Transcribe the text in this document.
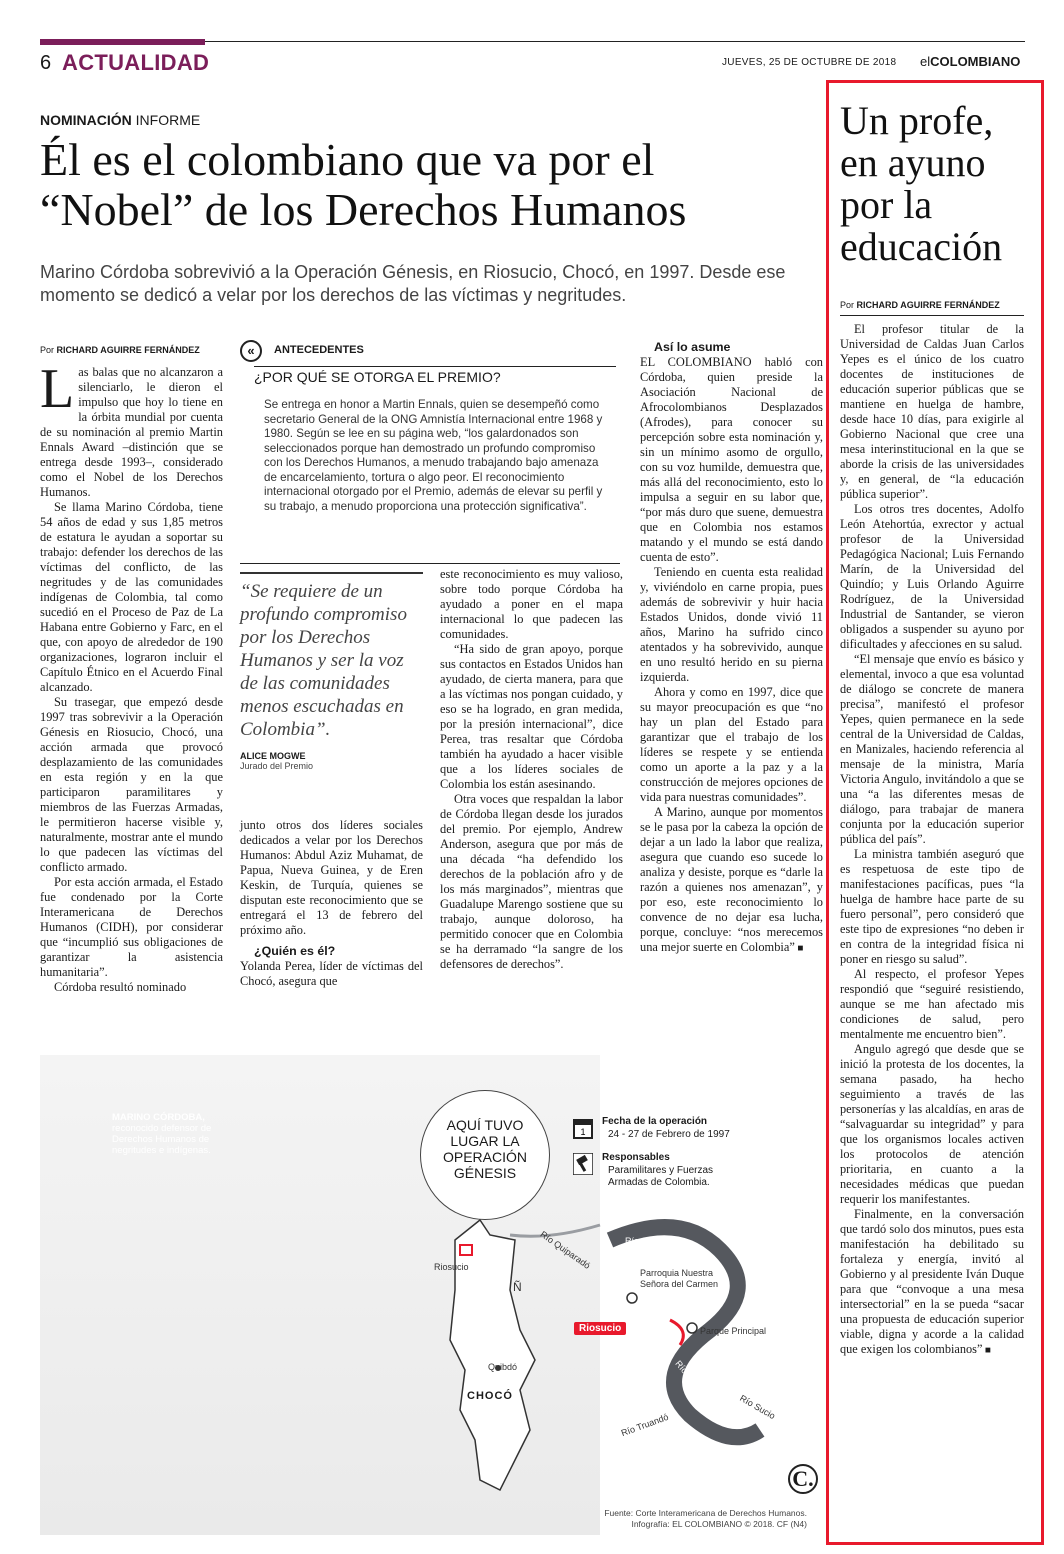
6 ACTUALIDAD	JUEVES, 25 DE OCTUBRE DE 2018 elCOLOMBIANO
NOMINACIÓN INFORME
Él es el colombiano que va por el
“Nobel” de los Derechos Humanos
Marino Córdoba sobrevivió a la Operación Génesis, en Riosucio, Chocó, en 1997. Desde ese momento se dedicó a velar por los derechos de las víctimas y negritudes.
Por RICHARD AGUIRRE FERNÁNDEZ

Las balas que no alcanzaron a silenciarlo, le dieron el impulso que hoy lo tiene en la órbita mundial por cuenta de su nominación al premio Martin Ennals Award –distinción que se entrega desde 1993–, considerado como el Nobel de los Derechos Humanos.

Se llama Marino Córdoba, tiene 54 años de edad y sus 1,85 metros de estatura le ayudan a soportar su trabajo: defender los derechos de las víctimas del conflicto, de las negritudes y de las comunidades indígenas de Colombia, tal como sucedió en el Proceso de Paz de La Habana entre Gobierno y Farc, en el que, con apoyo de alrededor de 190 organizaciones, lograron incluir el Capítulo Étnico en el Acuerdo Final alcanzado.

Su trasegar, que empezó desde 1997 tras sobrevivir a la Operación Génesis en Riosucio, Chocó, una acción armada que provocó desplazamiento de las comunidades en esta región y en la que participaron paramilitares y miembros de las Fuerzas Armadas, le permitieron hacerse visible y, naturalmente, mostrar ante el mundo lo que padecen las víctimas del conflicto armado.

Por esta acción armada, el Estado fue condenado por la Corte Interamericana de Derechos Humanos (CIDH), por considerar que “incumplió sus obligaciones de garantizar la asistencia humanitaria”.

Córdoba resultó nominado

«	ANTECEDENTES
¿POR QUÉ SE OTORGA EL PREMIO?
Se entrega en honor a Martin Ennals, quien se desempeñó como secretario General de la ONG Amnistía Internacional entre 1968 y 1980. Según se lee en su página web, “los galardonados son seleccionados porque han demostrado un profundo compromiso con los Derechos Humanos, a menudo trabajando bajo amenaza de encarcelamiento, tortura o algo peor. El reconocimiento internacional otorgado por el Premio, además de elevar su perfil y su trabajo, a menudo proporciona una protección significativa”.
“Se requiere de un profundo compromiso por los Derechos Humanos y ser la voz de las comunidades menos escuchadas en Colombia”.
ALICE MOGWE
Jurado del Premio

junto otros dos líderes sociales dedicados a velar por los Derechos Humanos: Abdul Aziz Muhamat, de Papua, Nueva Guinea, y de Eren Keskin, de Turquía, quienes se disputan este reconocimiento que se entregará el 13 de febrero del próximo año.

¿Quién es él?

Yolanda Perea, líder de víctimas del Chocó, asegura que

este reconocimiento es muy valioso, sobre todo porque Córdoba ha ayudado a poner en el mapa internacional lo que padecen las comunidades.

“Ha sido de gran apoyo, porque sus contactos en Estados Unidos han ayudado, de cierta manera, para que a las víctimas nos pongan cuidado, y eso se ha logrado, en gran medida, por la presión internacional”, dice Perea, tras resaltar que Córdoba también ha ayudado a hacer visible que a los líderes sociales de Colombia los están asesinando.

Otra voces que respaldan la labor de Córdoba llegan desde los jurados del premio. Por ejemplo, Andrew Anderson, asegura que por más de una década “ha defendido los derechos de la población afro y de los más marginados”, mientras que Guadalupe Marengo sostiene que su trabajo, aunque doloroso, ha permitido conocer que en Colombia se ha derramado “la sangre de los defensores de derechos”.

Así lo asume

EL COLOMBIANO habló con Córdoba, quien preside la Asociación Nacional de Afrocolombianos Desplazados (Afrodes), para conocer su percepción sobre esta nominación y, sin un mínimo asomo de orgullo, con su voz humilde, demuestra que, más allá del reconocimiento, esto lo impulsa a seguir en su labor que, “por más duro que suene, demuestra que en Colombia nos estamos matando y el mundo se está dando cuenta de esto”.

Teniendo en cuenta esta realidad y, viviéndolo en carne propia, pues además de sobrevivir y huir hacia Estados Unidos, donde vivió 11 años, Marino ha sufrido cinco atentados y ha sobrevivido, aunque en uno resultó herido en su pierna izquierda.

Ahora y como en 1997, dice que su mayor preocupación es que “no hay un plan del Estado para garantizar que el trabajo de los líderes se respete y se entienda como un aporte a la paz y a la construcción de mejores opciones de vida para nuestras comunidades”.

A Marino, aunque por momentos se le pasa por la cabeza la opción de dejar a un lado la labor que realiza, asegura que cuando eso sucede lo analiza y desiste, porque es “darle la razón a quienes nos amenazan”, y por eso, este reconocimiento lo convence de no dejar esa lucha, porque, concluye: “nos merecemos una mejor suerte en Colombia” ■

Un profe, en ayuno por la educación
Por RICHARD AGUIRRE FERNÁNDEZ

El profesor titular de la Universidad de Caldas Juan Carlos Yepes es el único de los cuatro docentes de instituciones de educación superior públicas que se mantiene en huelga de hambre, desde hace 10 días, para exigirle al Gobierno Nacional que cree una mesa interinstitucional en la que se aborde la crisis de las universidades y, en general, de “la educación pública superior”.

Los otros tres docentes, Adolfo León Atehortúa, exrector y actual profesor de la Universidad Pedagógica Nacional; Luis Fernando Marín, de la Universidad del Quindío; y Luis Orlando Aguirre Rodríguez, de la Universidad Industrial de Santander, se vieron obligados a suspender su ayuno por dificultades y afecciones en su salud.

“El mensaje que envío es básico y elemental, invoco a que esa voluntad de diálogo se concrete de manera precisa”, manifestó el profesor Yepes, quien permanece en la sede central de la Universidad de Caldas, en Manizales, haciendo referencia al mensaje de la ministra, María Victoria Angulo, invitándolo a que se una “a las diferentes mesas de diálogo, para trabajar de manera conjunta por la educación superior pública del país”.

La ministra también aseguró que es respetuosa de este tipo de manifestaciones pacíficas, pues “la huelga de hambre hace parte de su fuero personal”, pero consideró que este tipo de expresiones “no deben ir en contra de la integridad física ni poner en riesgo su salud”.

Al respecto, el profesor Yepes respondió que “seguiré resistiendo, aunque se me han afectado mis condiciones de salud, pero mentalmente me encuentro bien”.

Angulo agregó que desde que se inició la protesta de los docentes, la semana pasado, ha hecho seguimiento a través de las personerías y las alcaldías, en aras de “salvaguardar su integridad” y para que los organismos locales activen los protocolos de atención prioritaria, en cuanto a la necesidades médicas que puedan requerir los manifestantes.

Finalmente, en la conversación que tardó solo dos minutos, pues esta manifestación ha debilitado su fortaleza y energía, invitó al Gobierno y al presidente Iván Duque para que “convoque a una mesa intersectorial” en la se pueda “sacar una propuesta de educación superior viable, digna y acorde a la calidad que exigen los colombianos” ■

MARINO CÓRDOBA, reconocido defensor de Derechos Humanos de negritudes e indígenas.
AQUÍ TUVO LUGAR LA OPERACIÓN GÉNESIS
1
Fecha de la operación
24 - 27 de Febrero de 1997
Responsables
Paramilitares y Fuerzas Armadas de Colombia.
Riosucio
Quibdó
CHOCÓ
Ñ
Parroquia Nuestra Señora del Carmen
Riosucio	Parque Principal
Río Atrato
Río Atrato
Río Quiparadó
Río Truandó
Río Sucio
C.
Fuente: Corte Interamericana de Derechos Humanos.
Infografía: EL COLOMBIANO © 2018. CF (N4)
